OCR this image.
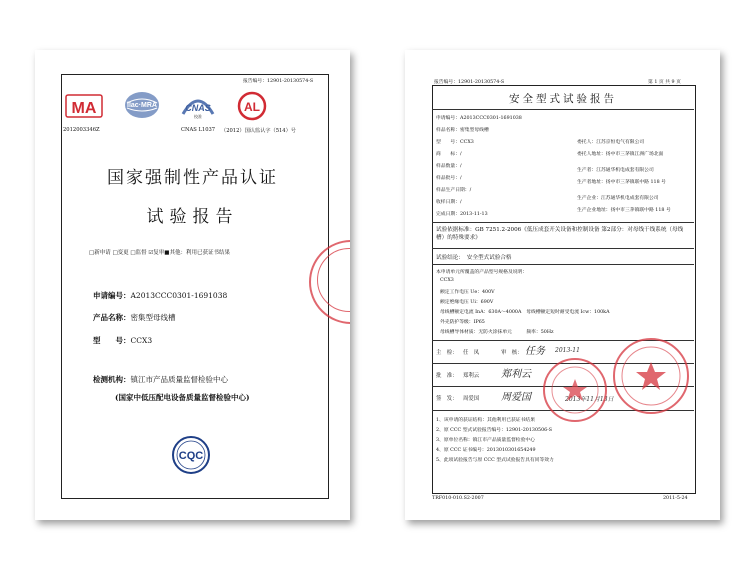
报告编号：12901-20130574-S
MA	ilac·MRA	CNAS
校准
AL
2012003346Z	CNAS L1037 （2012）国认监认字（514）号
国家强制性产品认证
试验报告
□新申请 □变更 □监督 ☑复审■其他：利用已获证书结果
申请编号：A2013CCC0301-1691038
产品名称：密集型母线槽
型　　号：CCX3
检测机构：镇江市产品质量监督检验中心
(国家中低压配电设备质量监督检验中心)
CQC
报告编号：12901-20130574-S	第 1 页 共 9 页
安全型式试验报告
申请编号：A2013CCC0301-1691038
样品名称：密集型母线槽
型　　号：CCX3
商　　标：/
样品数量：/
样品批号：/
样品生产日期：/
收样日期：/
完成日期：2013-11-13
委托人：江苏京恒电气有限公司
委托人地址：扬中市三茅镇江洲广场北面
生产者：江苏通华机电成套有限公司
生产者地址：扬中市三茅镇联中路 118 号
生产企业：江苏通华机电成套有限公司
生产企业地址：扬中市三茅镇联中路 118 号
试验依据标准：GB 7251.2-2006《低压成套开关设备和控制设备 第2部分：对母线干线系统（母线槽）的特殊要求》
试验结论：　安全型式试验合格
本申请单元所覆盖的产品型号规格及说明：
CCX3
额定工作电压 Ue：400V
额定绝缘电压 Ui：690V
母线槽额定电流 InA：630A～4000A　母线槽额定短时耐受电流 Icw：100kA
外壳防护等级：IP65
母线槽导体材质：无防火涂抹单元　　　频率：50Hz
主　检： 任　凤	审　核： 任务 2013-11
批　准： 郑利云 郑利云
签　发： 周爱国 周爱国	2013年11月13日
1、该申请的获证结构：其他利用已获证书结果
2、原 CCC 型式试验报告编号：12901-20130506-S
3、原单位名称：镇江市产品质量监督检验中心
4、原 CCC 证书编号：2013010301654249
5、此项试验报告与原 CCC 型式试验报告具有同等效力
TRF010-010.S2-2007	2011-5-24
